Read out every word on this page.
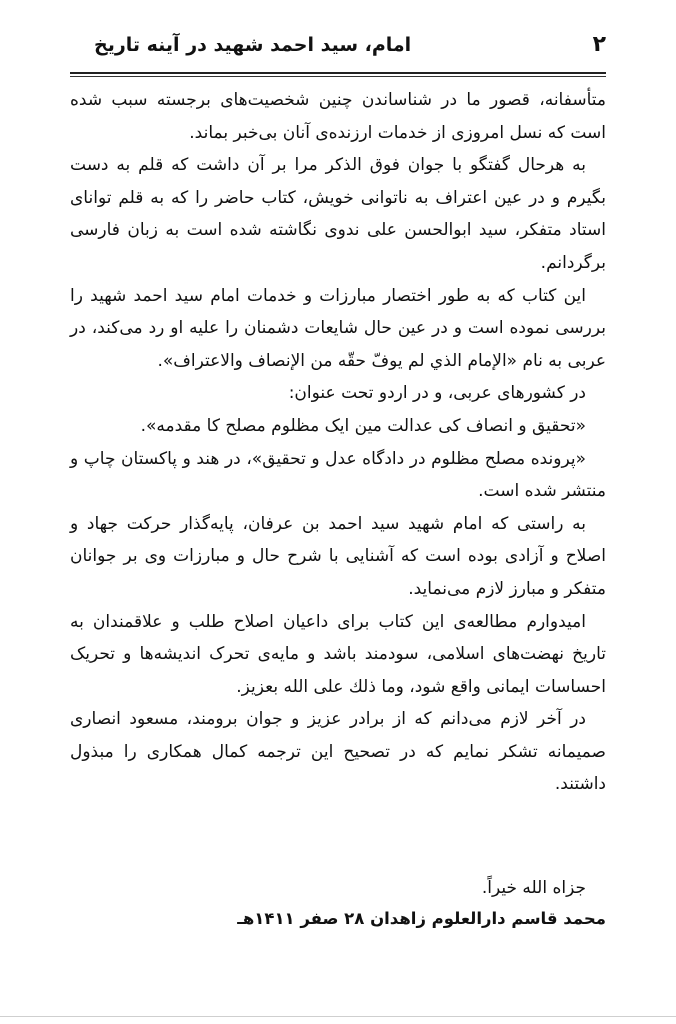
۲
امام، سید احمد شهید در آینه تاریخ

متأسفانه، قصور ما در شناساندن چنین شخصیت‌های برجسته سبب شده است که نسل امروزی از خدمات ارزنده‌ی آنان بی‌خبر بماند.

به هرحال گفتگو با جوان فوق الذکر مرا بر آن داشت که قلم به دست بگیرم و در عین اعتراف به ناتوانی خویش، کتاب حاضر را که به قلم توانای استاد متفکر، سید ابوالحسن علی ندوی نگاشته شده است به زبان فارسی برگردانم.

این کتاب که به طور اختصار مبارزات و خدمات امام سید احمد شهید را بررسی نموده است و در عین حال شایعات دشمنان را علیه او رد می‌کند، در عربی به نام «الإمام الذي لم يوفّ حقّه من الإنصاف والاعتراف».

در کشورهای عربی، و در اردو تحت عنوان:

«تحقیق و انصاف کی عدالت مین ایک مظلوم مصلح کا مقدمه».

«پرونده مصلح مظلوم در دادگاه عدل و تحقیق»، در هند و پاکستان چاپ و منتشر شده است.

به راستی که امام شهید سید احمد بن عرفان، پایه‌گذار حرکت جهاد و اصلاح و آزادی بوده است که آشنایی با شرح حال و مبارزات وی بر جوانان متفکر و مبارز لازم می‌نماید.

امیدوارم مطالعه‌ی این کتاب برای داعیان اصلاح طلب و علاقمندان به تاریخ نهضت‌های اسلامی، سودمند باشد و مایه‌ی تحرک اندیشه‌ها و تحریک احساسات ایمانی واقع شود، وما ذلك على الله بعزيز.

در آخر لازم می‌دانم که از برادر عزیز و جوان برومند، مسعود انصاری صمیمانه تشکر نمایم که در تصحیح این ترجمه کمال همکاری را مبذول داشتند.

جزاه الله خیراً.
محمد قاسم دارالعلوم زاهدان ۲۸ صفر ۱۴۱۱هـ
